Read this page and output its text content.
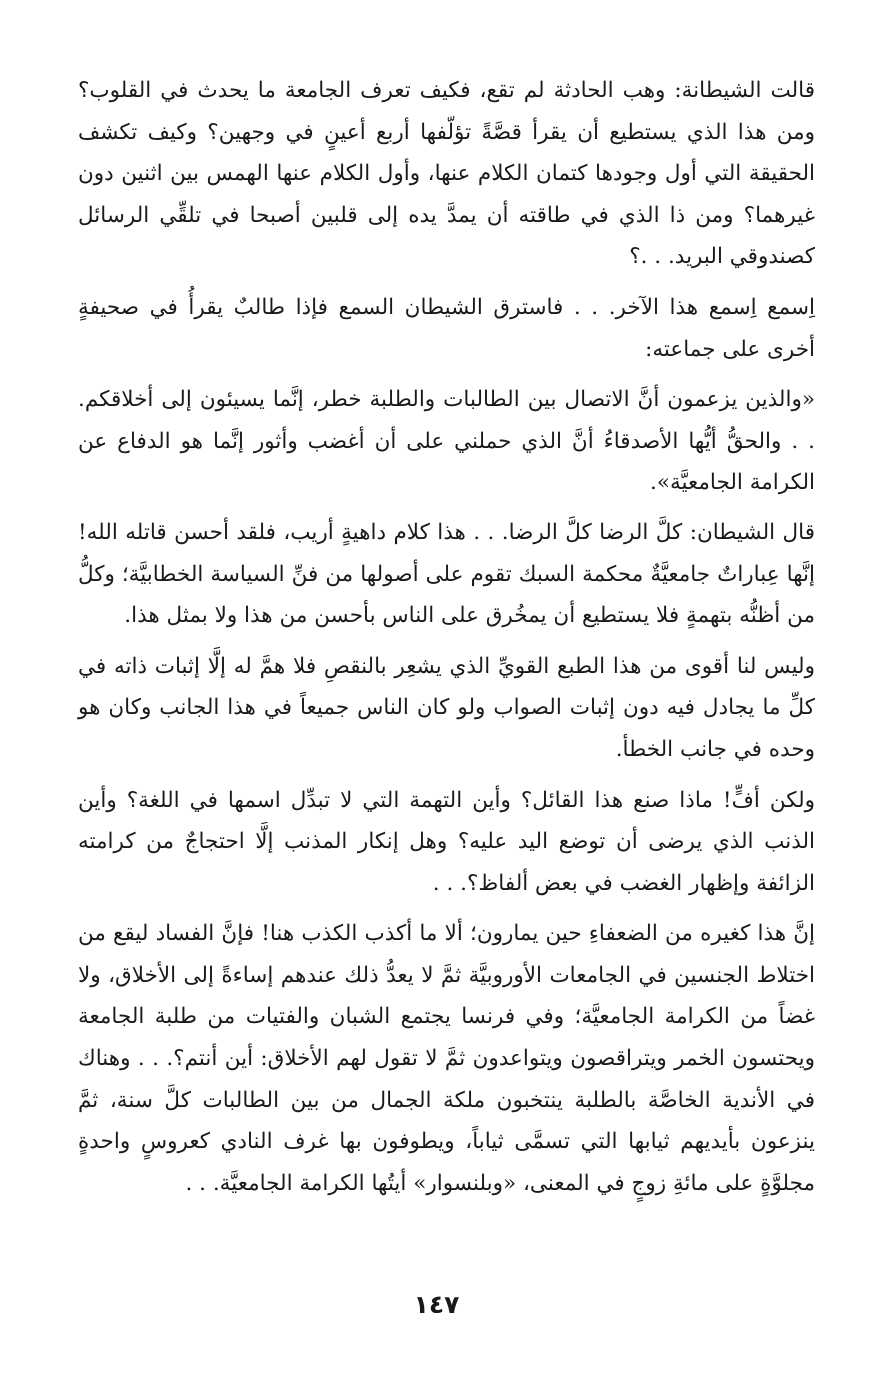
قالت الشيطانة: وهب الحادثة لم تقع، فكيف تعرف الجامعة ما يحدث في القلوب؟ ومن هذا الذي يستطيع أن يقرأ قصَّةً تؤلّفها أربع أعينٍ في وجهين؟ وكيف تكشف الحقيقة التي أول وجودها كتمان الكلام عنها، وأول الكلام عنها الهمس بين اثنين دون غيرهما؟ ومن ذا الذي في طاقته أن يمدَّ يده إلى قلبين أصبحا في تلقِّي الرسائل كصندوقي البريد. . .؟

اِسمع اِسمع هذا الآخر. . . فاسترق الشيطان السمع فإذا طالبٌ يقرأُ في صحيفةٍ أخرى على جماعته:

«والذين يزعمون أنَّ الاتصال بين الطالبات والطلبة خطر، إنَّما يسيئون إلى أخلاقكم. . . والحقُّ أيُّها الأصدقاءُ أنَّ الذي حملني على أن أغضب وأثور إنَّما هو الدفاع عن الكرامة الجامعيَّة».

قال الشيطان: كلَّ الرضا كلَّ الرضا. . . هذا كلام داهيةٍ أريب، فلقد أحسن قاتله الله! إنَّها عِباراتٌ جامعيَّةٌ محكمة السبك تقوم على أصولها من فنِّ السياسة الخطابيَّة؛ وكلُّ من أظنُّه بتهمةٍ فلا يستطيع أن يمخُرق على الناس بأحسن من هذا ولا بمثل هذا.

وليس لنا أقوى من هذا الطبع القويِّ الذي يشعِر بالنقصِ فلا همَّ له إلَّا إثبات ذاته في كلِّ ما يجادل فيه دون إثبات الصواب ولو كان الناس جميعاً في هذا الجانب وكان هو وحده في جانب الخطأ.

ولكن أفٍّ! ماذا صنع هذا القائل؟ وأين التهمة التي لا تبدِّل اسمها في اللغة؟ وأين الذنب الذي يرضى أن توضع اليد عليه؟ وهل إنكار المذنب إلَّا احتجاجٌ من كرامته الزائفة وإظهار الغضب في بعض ألفاظ؟. . .

إنَّ هذا كغيره من الضعفاءِ حين يمارون؛ ألا ما أكذب الكذب هنا! فإنَّ الفساد ليقع من اختلاط الجنسين في الجامعات الأوروبيَّة ثمَّ لا يعدُّ ذلك عندهم إساءةً إلى الأخلاق، ولا غضاً من الكرامة الجامعيَّة؛ وفي فرنسا يجتمع الشبان والفتيات من طلبة الجامعة ويحتسون الخمر ويتراقصون ويتواعدون ثمَّ لا تقول لهم الأخلاق: أين أنتم؟. . . وهناك في الأندية الخاصَّة بالطلبة ينتخبون ملكة الجمال من بين الطالبات كلَّ سنة، ثمَّ ينزعون بأيديهم ثيابها التي تسمَّى ثياباً، ويطوفون بها غرف النادي كعروسٍ واحدةٍ مجلوَّةٍ على مائةِ زوجٍ في المعنى، «وبلنسوار» أيتُها الكرامة الجامعيَّة. . .

١٤٧
